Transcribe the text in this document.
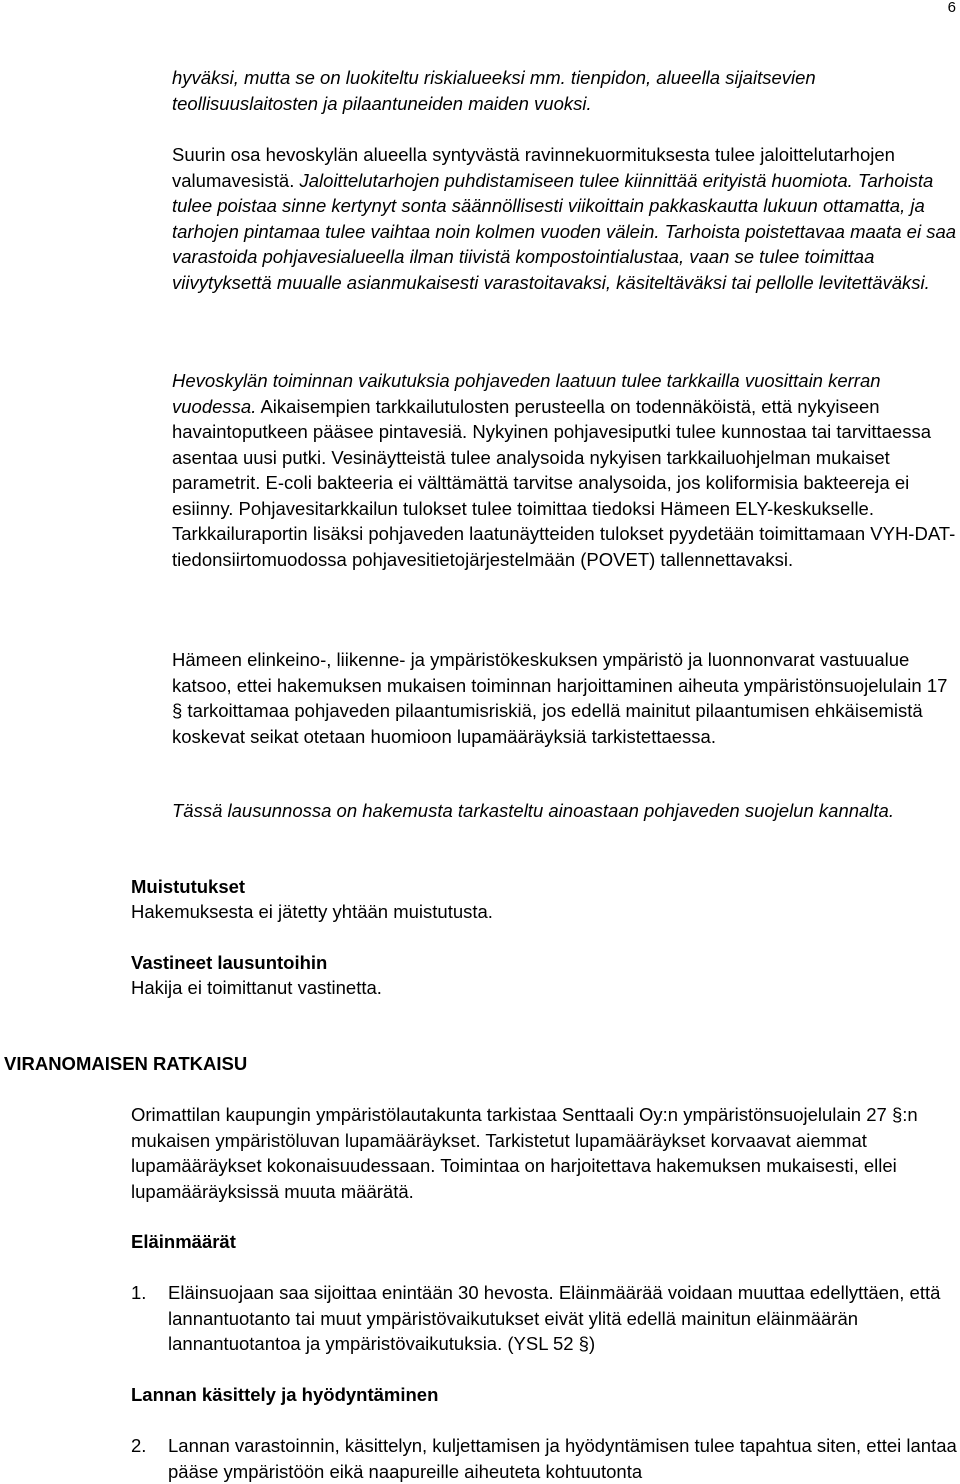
6

hyväksi, mutta se on luokiteltu riskialueeksi mm. tienpidon, alueella sijaitsevien teollisuuslaitosten ja pilaantuneiden maiden vuoksi.

Suurin osa hevoskylän alueella syntyvästä ravinnekuormituksesta tulee jaloittelutarhojen valumavesistä. Jaloittelutarhojen puhdistamiseen tulee kiinnittää erityistä huomiota. Tarhoista tulee poistaa sinne kertynyt sonta säännöllisesti viikoittain pakkaskautta lukuun ottamatta, ja tarhojen pintamaa tulee vaihtaa noin kolmen vuoden välein. Tarhoista poistettavaa maata ei saa varastoida pohjavesialueella ilman tiivistä kompostointialustaa, vaan se tulee toimittaa viivytyksettä muualle asianmukaisesti varastoitavaksi, käsiteltäväksi tai pellolle levitettäväksi.

Hevoskylän toiminnan vaikutuksia pohjaveden laatuun tulee tarkkailla vuosittain kerran vuodessa. Aikaisempien tarkkailutulosten perusteella on todennäköistä, että nykyiseen havaintoputkeen pääsee pintavesiä. Nykyinen pohjavesiputki tulee kunnostaa tai tarvittaessa asentaa uusi putki. Vesinäytteistä tulee analysoida nykyisen tarkkailuohjelman mukaiset parametrit. E-coli bakteeria ei välttämättä tarvitse analysoida, jos koliformisia bakteereja ei esiinny. Pohjavesitarkkailun tulokset tulee toimittaa tiedoksi Hämeen ELY-keskukselle. Tarkkailuraportin lisäksi pohjaveden laatunäytteiden tulokset pyydetään toimittamaan VYH-DAT-tiedonsiirtomuodossa pohjavesitietojärjestelmään (POVET) tallennettavaksi.

Hämeen elinkeino-, liikenne- ja ympäristökeskuksen ympäristö ja luonnonvarat vastuualue katsoo, ettei hakemuksen mukaisen toiminnan harjoittaminen aiheuta ympäristönsuojelulain 17 § tarkoittamaa pohjaveden pilaantumisriskiä, jos edellä mainitut pilaantumisen ehkäisemistä koskevat seikat otetaan huomioon lupamääräyksiä tarkistettaessa.

Tässä lausunnossa on hakemusta tarkasteltu ainoastaan pohjaveden suojelun kannalta.

Muistutukset
Hakemuksesta ei jätetty yhtään muistutusta.
Vastineet lausuntoihin
Hakija ei toimittanut vastinetta.
VIRANOMAISEN RATKAISU

Orimattilan kaupungin ympäristölautakunta tarkistaa Senttaali Oy:n ympäristönsuojelulain 27 §:n mukaisen ympäristöluvan lupamääräykset. Tarkistetut lupamääräykset korvaavat aiemmat lupamääräykset kokonaisuudessaan. Toimintaa on harjoitettava hakemuksen mukaisesti, ellei lupamääräyksissä muuta määrätä.

Eläinmäärät
1. Eläinsuojaan saa sijoittaa enintään 30 hevosta. Eläinmäärää voidaan muuttaa edellyttäen, että lannantuotanto tai muut ympäristövaikutukset eivät ylitä edellä mainitun eläinmäärän lannantuotantoa ja ympäristövaikutuksia. (YSL 52 §)
Lannan käsittely ja hyödyntäminen
2. Lannan varastoinnin, käsittelyn, kuljettamisen ja hyödyntämisen tulee tapahtua siten, ettei lantaa pääse ympäristöön eikä naapureille aiheuteta kohtuutonta
